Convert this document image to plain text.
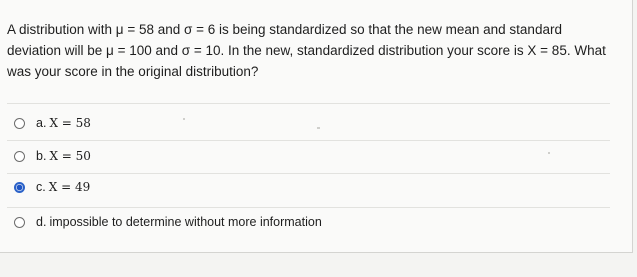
A distribution with μ = 58 and σ = 6 is being standardized so that the new mean and standard
deviation will be μ = 100 and σ = 10. In the new, standardized distribution your score is X = 85. What
was your score in the original distribution?
a. X = 58
b. X = 50
c. X = 49
d. impossible to determine without more information
